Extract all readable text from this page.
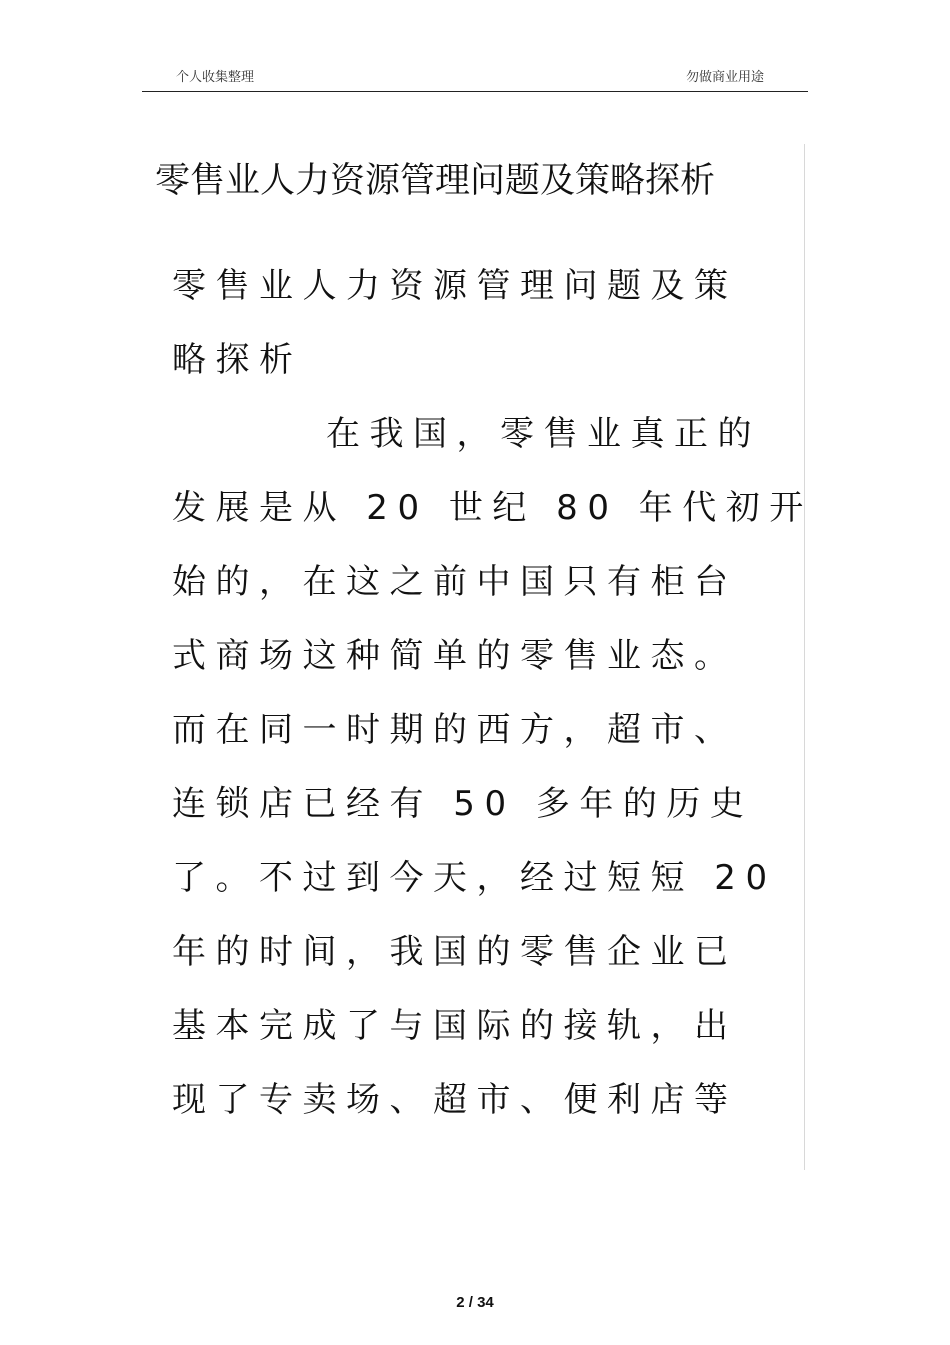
个人收集整理	勿做商业用途
零售业人力资源管理问题及策略探析
零售业人力资源管理问题及策
略探析
在我国，零售业真正的
发展是从 20 世纪 80 年代初开
始的，在这之前中国只有柜台
式商场这种简单的零售业态。
而在同一时期的西方，超市、
连锁店已经有 50 多年的历史
了。不过到今天，经过短短 20
年的时间，我国的零售企业已
基本完成了与国际的接轨，出
现了专卖场、超市、便利店等
2 / 34
